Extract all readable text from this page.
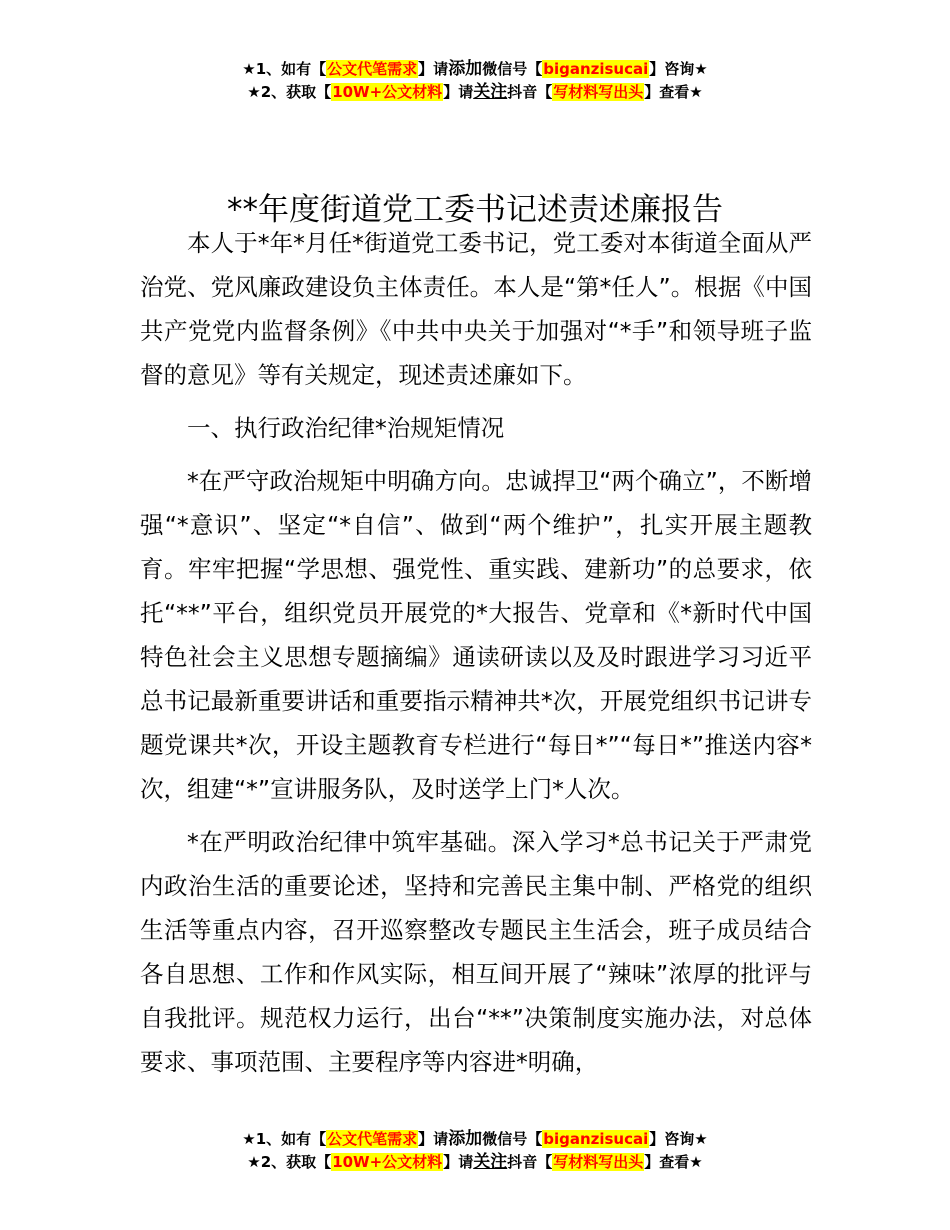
★1、如有【公文代笔需求】请添加微信号【biganzisucai】咨询★
★2、获取【10W+公文材料】请关注抖音【写材料写出头】查看★
**年度街道党工委书记述责述廉报告

本人于*年*月任*街道党工委书记，党工委对本街道全面从严治党、党风廉政建设负主体责任。本人是“第*任人”。根据《中国共产党党内监督条例》《中共中央关于加强对“*手”和领导班子监督的意见》等有关规定，现述责述廉如下。

一、执行政治纪律*治规矩情况

*在严守政治规矩中明确方向。忠诚捍卫“两个确立”，不断增强“*意识”、坚定“*自信”、做到“两个维护”，扎实开展主题教育。牢牢把握“学思想、强党性、重实践、建新功”的总要求，依托“**”平台，组织党员开展党的*大报告、党章和《*新时代中国特色社会主义思想专题摘编》通读研读以及及时跟进学习习近平总书记最新重要讲话和重要指示精神共*次，开展党组织书记讲专题党课共*次，开设主题教育专栏进行“每日*”“每日*”推送内容*次，组建“*”宣讲服务队，及时送学上门*人次。

*在严明政治纪律中筑牢基础。深入学习*总书记关于严肃党内政治生活的重要论述，坚持和完善民主集中制、严格党的组织生活等重点内容，召开巡察整改专题民主生活会，班子成员结合各自思想、工作和作风实际，相互间开展了“辣味”浓厚的批评与自我批评。规范权力运行，出台“**”决策制度实施办法，对总体要求、事项范围、主要程序等内容进*明确，

★1、如有【公文代笔需求】请添加微信号【biganzisucai】咨询★
★2、获取【10W+公文材料】请关注抖音【写材料写出头】查看★
